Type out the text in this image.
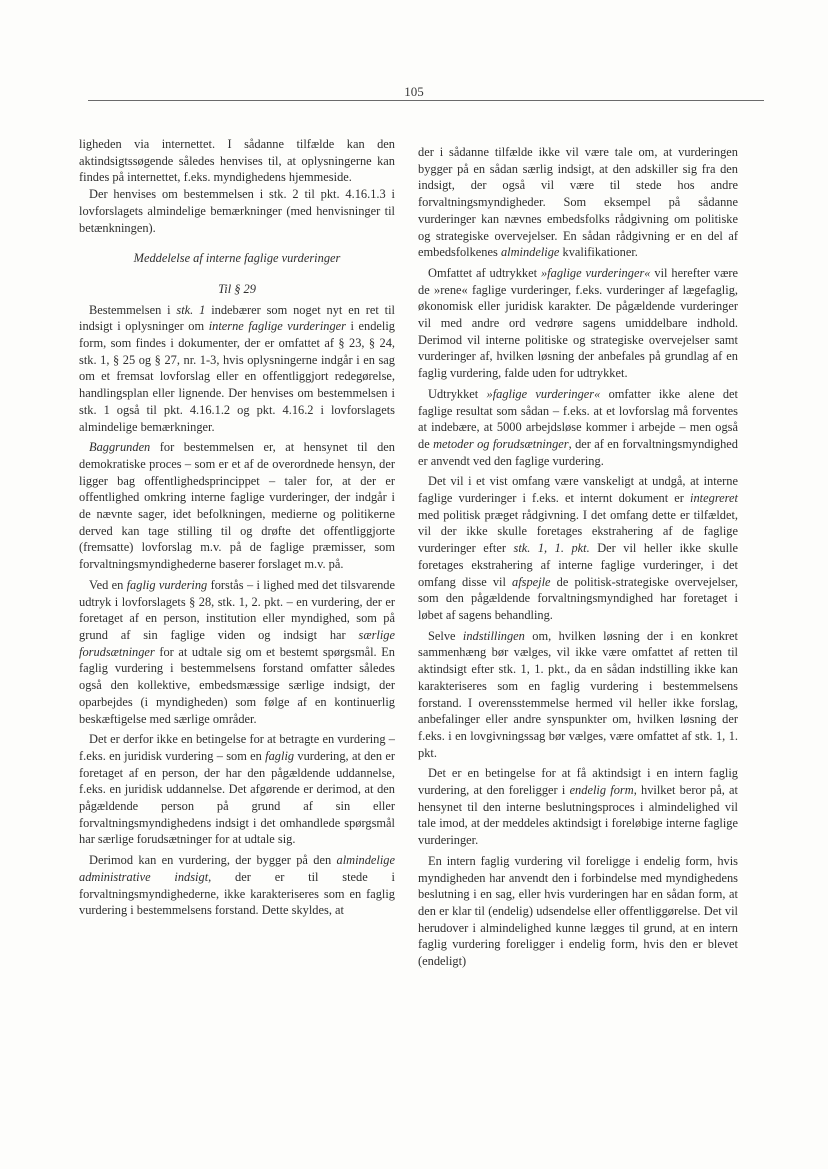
105

ligheden via internettet. I sådanne tilfælde kan den aktindsigtssøgende således henvises til, at oplysningerne kan findes på internettet, f.eks. myndighedens hjemmeside.

Der henvises om bestemmelsen i stk. 2 til pkt. 4.16.1.3 i lovforslagets almindelige bemærkninger (med henvisninger til betænkningen).

Meddelelse af interne faglige vurderinger

Til § 29

Bestemmelsen i stk. 1 indebærer som noget nyt en ret til indsigt i oplysninger om interne faglige vurderinger i endelig form, som findes i dokumenter, der er omfattet af § 23, § 24, stk. 1, § 25 og § 27, nr. 1-3, hvis oplysningerne indgår i en sag om et fremsat lovforslag eller en offentliggjort redegørelse, handlingsplan eller lignende. Der henvises om bestemmelsen i stk. 1 også til pkt. 4.16.1.2 og pkt. 4.16.2 i lovforslagets almindelige bemærkninger.

Baggrunden for bestemmelsen er, at hensynet til den demokratiske proces – som er et af de overordnede hensyn, der ligger bag offentlighedsprincippet – taler for, at der er offentlighed omkring interne faglige vurderinger, der indgår i de nævnte sager, idet befolkningen, medierne og politikerne derved kan tage stilling til og drøfte det offentliggjorte (fremsatte) lovforslag m.v. på de faglige præmisser, som forvaltningsmyndighederne baserer forslaget m.v. på.

Ved en faglig vurdering forstås – i lighed med det tilsvarende udtryk i lovforslagets § 28, stk. 1, 2. pkt. – en vurdering, der er foretaget af en person, institution eller myndighed, som på grund af sin faglige viden og indsigt har særlige forudsætninger for at udtale sig om et bestemt spørgsmål. En faglig vurdering i bestemmelsens forstand omfatter således også den kollektive, embedsmæssige særlige indsigt, der oparbejdes (i myndigheden) som følge af en kontinuerlig beskæftigelse med særlige områder.

Det er derfor ikke en betingelse for at betragte en vurdering – f.eks. en juridisk vurdering – som en faglig vurdering, at den er foretaget af en person, der har den pågældende uddannelse, f.eks. en juridisk uddannelse. Det afgørende er derimod, at den pågældende person på grund af sin eller forvaltningsmyndighedens indsigt i det omhandlede spørgsmål har særlige forudsætninger for at udtale sig.

Derimod kan en vurdering, der bygger på den almindelige administrative indsigt, der er til stede i forvaltningsmyndighederne, ikke karakteriseres som en faglig vurdering i bestemmelsens forstand. Dette skyldes, at

der i sådanne tilfælde ikke vil være tale om, at vurderingen bygger på en sådan særlig indsigt, at den adskiller sig fra den indsigt, der også vil være til stede hos andre forvaltningsmyndigheder. Som eksempel på sådanne vurderinger kan nævnes embedsfolks rådgivning om politiske og strategiske overvejelser. En sådan rådgivning er en del af embedsfolkenes almindelige kvalifikationer.

Omfattet af udtrykket »faglige vurderinger« vil herefter være de »rene« faglige vurderinger, f.eks. vurderinger af lægefaglig, økonomisk eller juridisk karakter. De pågældende vurderinger vil med andre ord vedrøre sagens umiddelbare indhold. Derimod vil interne politiske og strategiske overvejelser samt vurderinger af, hvilken løsning der anbefales på grundlag af en faglig vurdering, falde uden for udtrykket.

Udtrykket »faglige vurderinger« omfatter ikke alene det faglige resultat som sådan – f.eks. at et lovforslag må forventes at indebære, at 5000 arbejdsløse kommer i arbejde – men også de metoder og forudsætninger, der af en forvaltningsmyndighed er anvendt ved den faglige vurdering.

Det vil i et vist omfang være vanskeligt at undgå, at interne faglige vurderinger i f.eks. et internt dokument er integreret med politisk præget rådgivning. I det omfang dette er tilfældet, vil der ikke skulle foretages ekstrahering af de faglige vurderinger efter stk. 1, 1. pkt. Der vil heller ikke skulle foretages ekstrahering af interne faglige vurderinger, i det omfang disse vil afspejle de politisk-strategiske overvejelser, som den pågældende forvaltningsmyndighed har foretaget i løbet af sagens behandling.

Selve indstillingen om, hvilken løsning der i en konkret sammenhæng bør vælges, vil ikke være omfattet af retten til aktindsigt efter stk. 1, 1. pkt., da en sådan indstilling ikke kan karakteriseres som en faglig vurdering i bestemmelsens forstand. I overensstemmelse hermed vil heller ikke forslag, anbefalinger eller andre synspunkter om, hvilken løsning der f.eks. i en lovgivningssag bør vælges, være omfattet af stk. 1, 1. pkt.

Det er en betingelse for at få aktindsigt i en intern faglig vurdering, at den foreligger i endelig form, hvilket beror på, at hensynet til den interne beslutningsproces i almindelighed vil tale imod, at der meddeles aktindsigt i foreløbige interne faglige vurderinger.

En intern faglig vurdering vil foreligge i endelig form, hvis myndigheden har anvendt den i forbindelse med myndighedens beslutning i en sag, eller hvis vurderingen har en sådan form, at den er klar til (endelig) udsendelse eller offentliggørelse. Det vil herudover i almindelighed kunne lægges til grund, at en intern faglig vurdering foreligger i endelig form, hvis den er blevet (endeligt)
